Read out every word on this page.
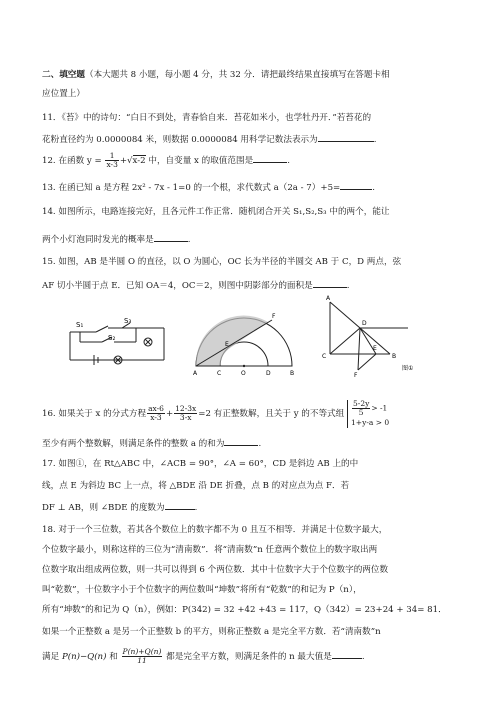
二、填空题（本大题共 8 小题，每小题 4 分，共 32 分．请把最终结果直接填写在答题卡相
应位置上）
11．《苔》中的诗句：“白日不到处，青春恰自来．苔花如米小，也学牡丹开．”若苔花的
花粉直径约为 0.0000084 米，则数据 0.0000084 用科学记数法表示为	.
12. 在函数 $y = \frac{1}{x-3} +√x-2$ 中，自变量 x 的取值范围是	.
13. 在函已知 a 是方程 2x² - 7x - 1=0 的一个根，求代数式 a（2a - 7）+5=	.
14. 如图所示，电路连接完好，且各元件工作正常．随机闭合开关 S₁,S₂,S₃ 中的两个，能让
两个小灯泡同时发光的概率是	.
15. 如图，AB 是半圆 O 的直径，以 O 为圆心，OC 长为半径的半圆交 AB 于 C，D 两点，弦
AF 切小半圆于点 E．已知 OA＝4，OC＝2，则图中阴影部分的面积是	.
S₁
S₂
S₃
A	C	O	D	B
E
F
A
C
D
E
B
F
图①
16. 如果关于 x 的分式方程 $\frac{ax-6}{x-3} + \frac{12-3x}{3-x} =2$ 有正整数解，且关于 y 的不等式组 $\frac{5-2y}{5} > -1$
1+y-a > 0
至少有两个整数解，则满足条件的整数 a 的和为	.
17. 如图①，在 Rt△ABC 中，∠ACB = 90°，∠A = 60°，CD 是斜边 AB 上的中
线，点 E 为斜边 BC 上一点，将 △BDE 沿 DE 折叠，点 B 的对应点为点 F．若
DF ⊥ AB，则 ∠BDE 的度数为	.
18. 对于一个三位数，若其各个数位上的数字都不为 0 且互不相等．并满足十位数字最大，
个位数字最小，则称这样的三位为“清南数”．将“清南数”n 任意两个数位上的数字取出两
位数字取出组成两位数，则一共可以得到 6 个两位数．其中十位数字大于个位数字的两位数
叫“乾数”，十位数字小于个位数字的两位数叫“坤数”将所有“乾数”的和记为 P（n），
所有“坤数”的和记为 Q（n），例如：P(342) = 32 +42 +43 = 117，Q（342）= 23+24 + 34= 81．
如果一个正整数 a 是另一个正整数 b 的平方，则称正整数 a 是完全平方数．若“清南数”n
满足 P(n)−Q(n) 和 $\frac{P(n)+Q(n)}{11}$ 都是完全平方数，则满足条件的 n 最大值是	.
